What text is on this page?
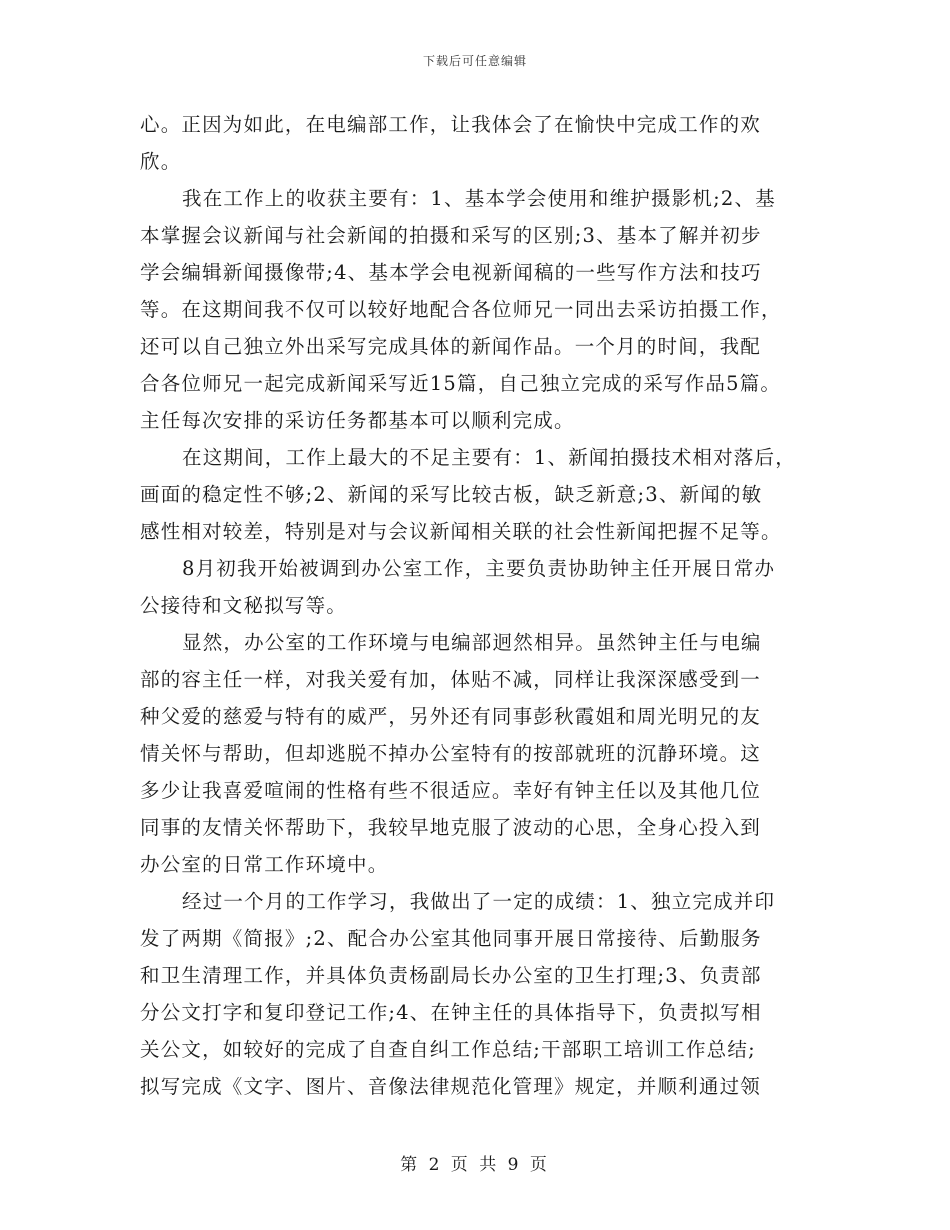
下载后可任意编辑
心。正因为如此，在电编部工作，让我体会了在愉快中完成工作的欢
欣。
我在工作上的收获主要有：1、基本学会使用和维护摄影机;2、基
本掌握会议新闻与社会新闻的拍摄和采写的区别;3、基本了解并初步
学会编辑新闻摄像带;4、基本学会电视新闻稿的一些写作方法和技巧
等。在这期间我不仅可以较好地配合各位师兄一同出去采访拍摄工作，
还可以自己独立外出采写完成具体的新闻作品。一个月的时间，我配
合各位师兄一起完成新闻采写近15篇，自己独立完成的采写作品5篇。
主任每次安排的采访任务都基本可以顺利完成。
在这期间，工作上最大的不足主要有：1、新闻拍摄技术相对落后，
画面的稳定性不够;2、新闻的采写比较古板，缺乏新意;3、新闻的敏
感性相对较差，特别是对与会议新闻相关联的社会性新闻把握不足等。
8月初我开始被调到办公室工作，主要负责协助钟主任开展日常办
公接待和文秘拟写等。
显然，办公室的工作环境与电编部迥然相异。虽然钟主任与电编
部的容主任一样，对我关爱有加，体贴不减，同样让我深深感受到一
种父爱的慈爱与特有的威严，另外还有同事彭秋霞姐和周光明兄的友
情关怀与帮助，但却逃脱不掉办公室特有的按部就班的沉静环境。这
多少让我喜爱喧闹的性格有些不很适应。幸好有钟主任以及其他几位
同事的友情关怀帮助下，我较早地克服了波动的心思，全身心投入到
办公室的日常工作环境中。
经过一个月的工作学习，我做出了一定的成绩：1、独立完成并印
发了两期《简报》;2、配合办公室其他同事开展日常接待、后勤服务
和卫生清理工作，并具体负责杨副局长办公室的卫生打理;3、负责部
分公文打字和复印登记工作;4、在钟主任的具体指导下，负责拟写相
关公文，如较好的完成了自查自纠工作总结;干部职工培训工作总结;
拟写完成《文字、图片、音像法律规范化管理》规定，并顺利通过领
第 2 页 共 9 页
